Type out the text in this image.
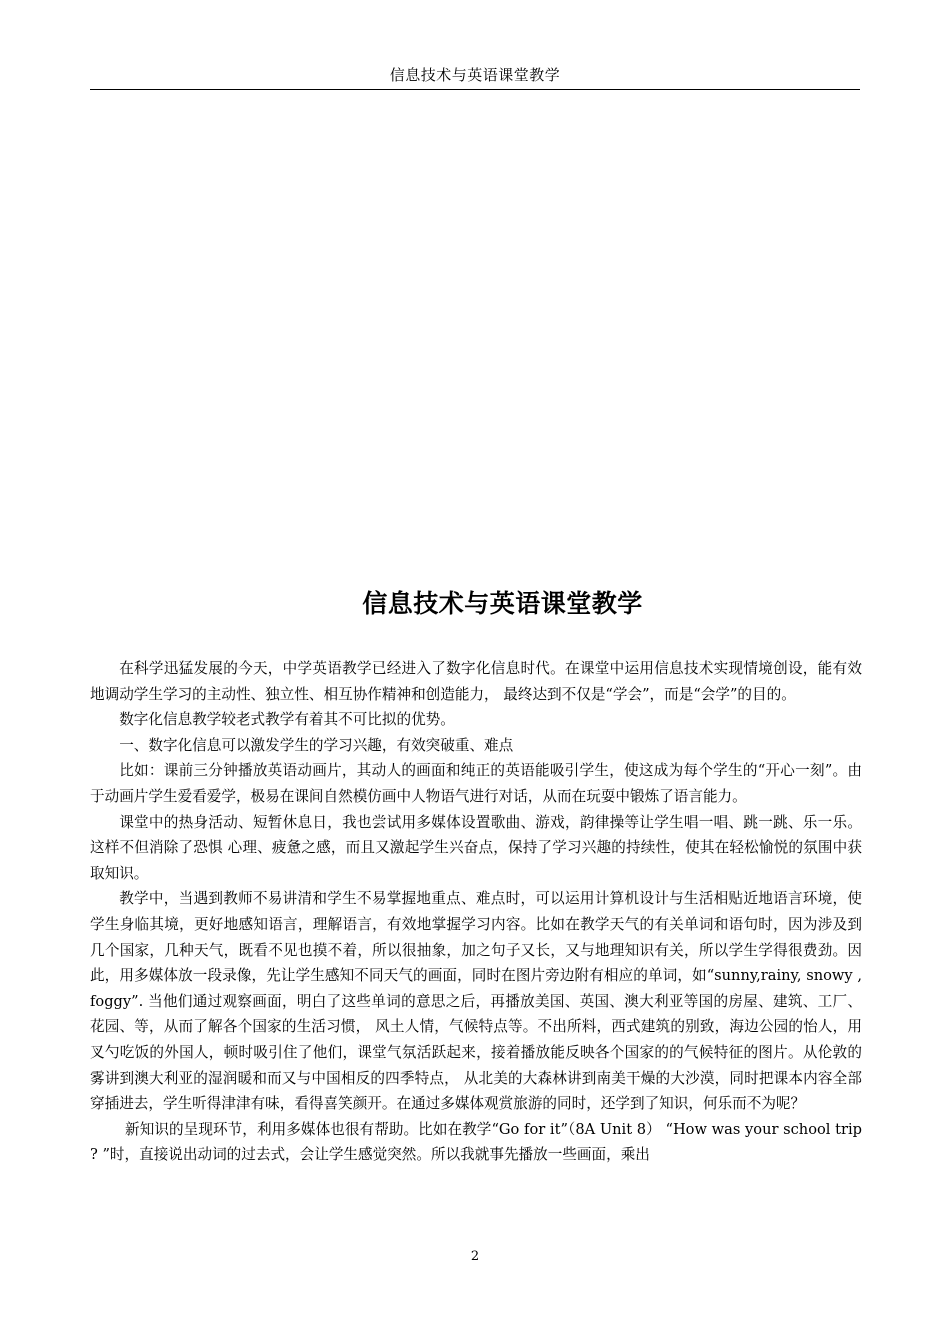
信息技术与英语课堂教学
信息技术与英语课堂教学

在科学迅猛发展的今天，中学英语教学已经进入了数字化信息时代。在课堂中运用信息技术实现情境创设，能有效地调动学生学习的主动性、独立性、相互协作精神和创造能力， 最终达到不仅是“学会”，而是“会学”的目的。

数字化信息教学较老式教学有着其不可比拟的优势。

一、数字化信息可以激发学生的学习兴趣，有效突破重、难点

比如：课前三分钟播放英语动画片，其动人的画面和纯正的英语能吸引学生，使这成为每个学生的“开心一刻”。由于动画片学生爱看爱学，极易在课间自然模仿画中人物语气进行对话，从而在玩耍中锻炼了语言能力。

课堂中的热身活动、短暂休息日，我也尝试用多媒体设置歌曲、游戏，韵律操等让学生唱一唱、跳一跳、乐一乐。这样不但消除了恐惧 心理、疲惫之感，而且又激起学生兴奋点，保持了学习兴趣的持续性，使其在轻松愉悦的氛围中获取知识。

教学中，当遇到教师不易讲清和学生不易掌握地重点、难点时，可以运用计算机设计与生活相贴近地语言环境，使学生身临其境，更好地感知语言，理解语言，有效地掌握学习内容。比如在教学天气的有关单词和语句时，因为涉及到几个国家，几种天气，既看不见也摸不着，所以很抽象，加之句子又长，又与地理知识有关，所以学生学得很费劲。因此，用多媒体放一段录像，先让学生感知不同天气的画面，同时在图片旁边附有相应的单词，如“sunny,rainy, snowy , foggy”. 当他们通过观察画面，明白了这些单词的意思之后，再播放美国、英国、澳大利亚等国的房屋、建筑、工厂、花园、等，从而了解各个国家的生活习惯， 风土人情，气候特点等。不出所料，西式建筑的别致，海边公园的怡人，用叉勺吃饭的外国人，顿时吸引住了他们，课堂气氛活跃起来，接着播放能反映各个国家的的气候特征的图片。从伦敦的雾讲到澳大利亚的湿润暖和而又与中国相反的四季特点， 从北美的大森林讲到南美干燥的大沙漠，同时把课本内容全部穿插进去，学生听得津津有味，看得喜笑颜开。在通过多媒体观赏旅游的同时，还学到了知识，何乐而不为呢？

新知识的呈现环节，利用多媒体也很有帮助。比如在教学“Go for it”（8A Unit 8） “How was your school trip ? ”时，直接说出动词的过去式，会让学生感觉突然。所以我就事先播放一些画面，乘出

2
